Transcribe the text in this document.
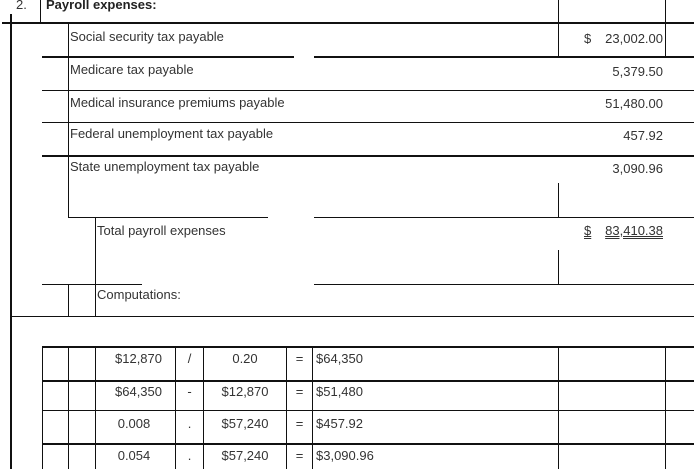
2. Payroll expenses:
Social security tax payable	$	23,002.00
Medicare tax payable	5,379.50
Medical insurance premiums payable	51,480.00
Federal unemployment tax payable	457.92
State unemployment tax payable	3,090.96
Total payroll expenses	$	83,410.38
Computations:
$12,870	/	0.20	= $64,350
$64,350	-	$12,870	= $51,480
0.008	.	$57,240	= $457.92
0.054	.	$57,240	= $3,090.96
